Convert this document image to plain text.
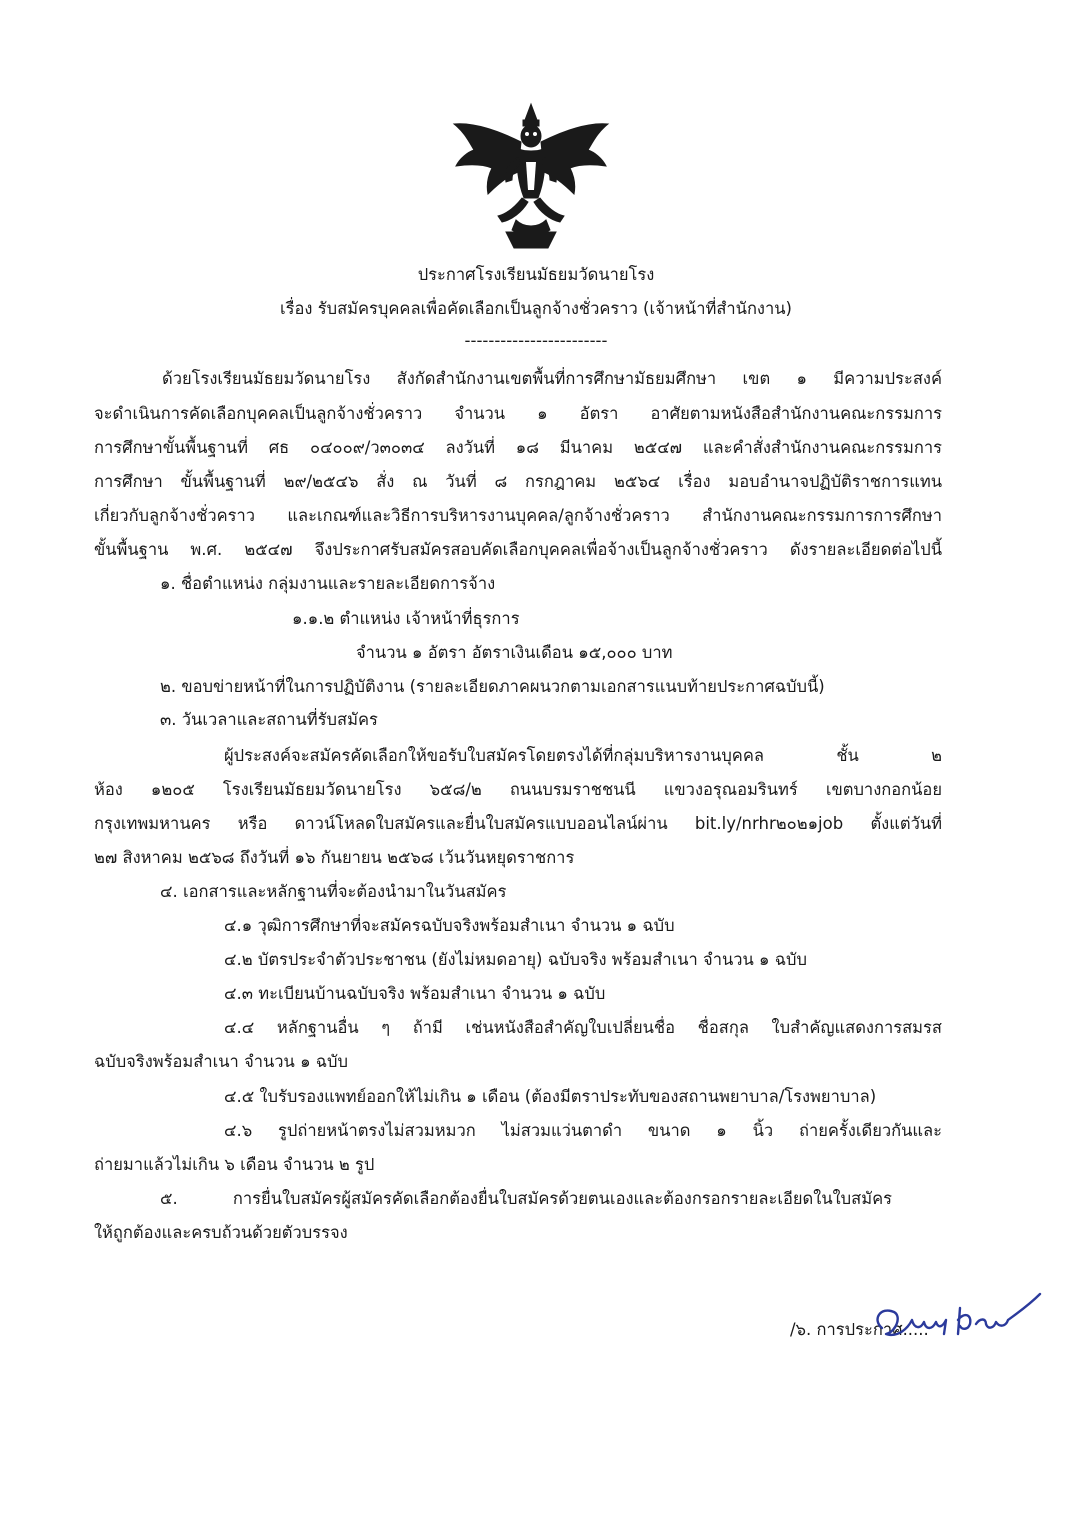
ประกาศโรงเรียนมัธยมวัดนายโรง
เรื่อง รับสมัครบุคคลเพื่อคัดเลือกเป็นลูกจ้างชั่วคราว (เจ้าหน้าที่สำนักงาน)
------------------------
ด้วยโรงเรียนมัธยมวัดนายโรง สังกัดสำนักงานเขตพื้นที่การศึกษามัธยมศึกษา เขต ๑ มีความประสงค์
จะดำเนินการคัดเลือกบุคคลเป็นลูกจ้างชั่วคราว จำนวน ๑ อัตรา อาศัยตามหนังสือสำนักงานคณะกรรมการ
การศึกษาขั้นพื้นฐานที่ ศธ ๐๔๐๐๙/ว๓๐๓๔ ลงวันที่ ๑๘ มีนาคม ๒๕๔๗ และคำสั่งสำนักงานคณะกรรมการ
การศึกษา ขั้นพื้นฐานที่ ๒๙/๒๕๔๖ สั่ง ณ วันที่ ๘ กรกฎาคม ๒๕๖๔ เรื่อง มอบอำนาจปฏิบัติราชการแทน
เกี่ยวกับลูกจ้างชั่วคราว และเกณฑ์และวิธีการบริหารงานบุคคล/ลูกจ้างชั่วคราว สำนักงานคณะกรรมการการศึกษา
ขั้นพื้นฐาน พ.ศ. ๒๕๔๗ จึงประกาศรับสมัครสอบคัดเลือกบุคคลเพื่อจ้างเป็นลูกจ้างชั่วคราว ดังรายละเอียดต่อไปนี้
๑. ชื่อตำแหน่ง กลุ่มงานและรายละเอียดการจ้าง
๑.๑.๒ ตำแหน่ง เจ้าหน้าที่ธุรการ
จำนวน ๑ อัตรา อัตราเงินเดือน ๑๕,๐๐๐ บาท
๒. ขอบข่ายหน้าที่ในการปฏิบัติงาน (รายละเอียดภาคผนวกตามเอกสารแนบท้ายประกาศฉบับนี้)
๓. วันเวลาและสถานที่รับสมัคร
ผู้ประสงค์จะสมัครคัดเลือกให้ขอรับใบสมัครโดยตรงได้ที่กลุ่มบริหารงานบุคคล ชั้น ๒
ห้อง ๑๒๐๕ โรงเรียนมัธยมวัดนายโรง ๖๕๘/๒ ถนนบรมราชชนนี แขวงอรุณอมรินทร์ เขตบางกอกน้อย
กรุงเทพมหานคร หรือ ดาวน์โหลดใบสมัครและยื่นใบสมัครแบบออนไลน์ผ่าน bit.ly/nrhr๒๐๒๑job ตั้งแต่วันที่
๒๗ สิงหาคม ๒๕๖๘ ถึงวันที่ ๑๖ กันยายน ๒๕๖๘ เว้นวันหยุดราชการ
๔. เอกสารและหลักฐานที่จะต้องนำมาในวันสมัคร
๔.๑ วุฒิการศึกษาที่จะสมัครฉบับจริงพร้อมสำเนา จำนวน ๑ ฉบับ
๔.๒ บัตรประจำตัวประชาชน (ยังไม่หมดอายุ) ฉบับจริง พร้อมสำเนา จำนวน ๑ ฉบับ
๔.๓ ทะเบียนบ้านฉบับจริง พร้อมสำเนา จำนวน ๑ ฉบับ
๔.๔ หลักฐานอื่น ๆ ถ้ามี เช่นหนังสือสำคัญใบเปลี่ยนชื่อ ชื่อสกุล ใบสำคัญแสดงการสมรส
ฉบับจริงพร้อมสำเนา จำนวน ๑ ฉบับ
๔.๕ ใบรับรองแพทย์ออกให้ไม่เกิน ๑ เดือน (ต้องมีตราประทับของสถานพยาบาล/โรงพยาบาล)
๔.๖ รูปถ่ายหน้าตรงไม่สวมหมวก ไม่สวมแว่นตาดำ ขนาด ๑ นิ้ว ถ่ายครั้งเดียวกันและ
ถ่ายมาแล้วไม่เกิน ๖ เดือน จำนวน ๒ รูป
๕. การยื่นใบสมัครผู้สมัครคัดเลือกต้องยื่นใบสมัครด้วยตนเองและต้องกรอกรายละเอียดในใบสมัคร
ให้ถูกต้องและครบถ้วนด้วยตัวบรรจง
/๖. การประกาศ.....
